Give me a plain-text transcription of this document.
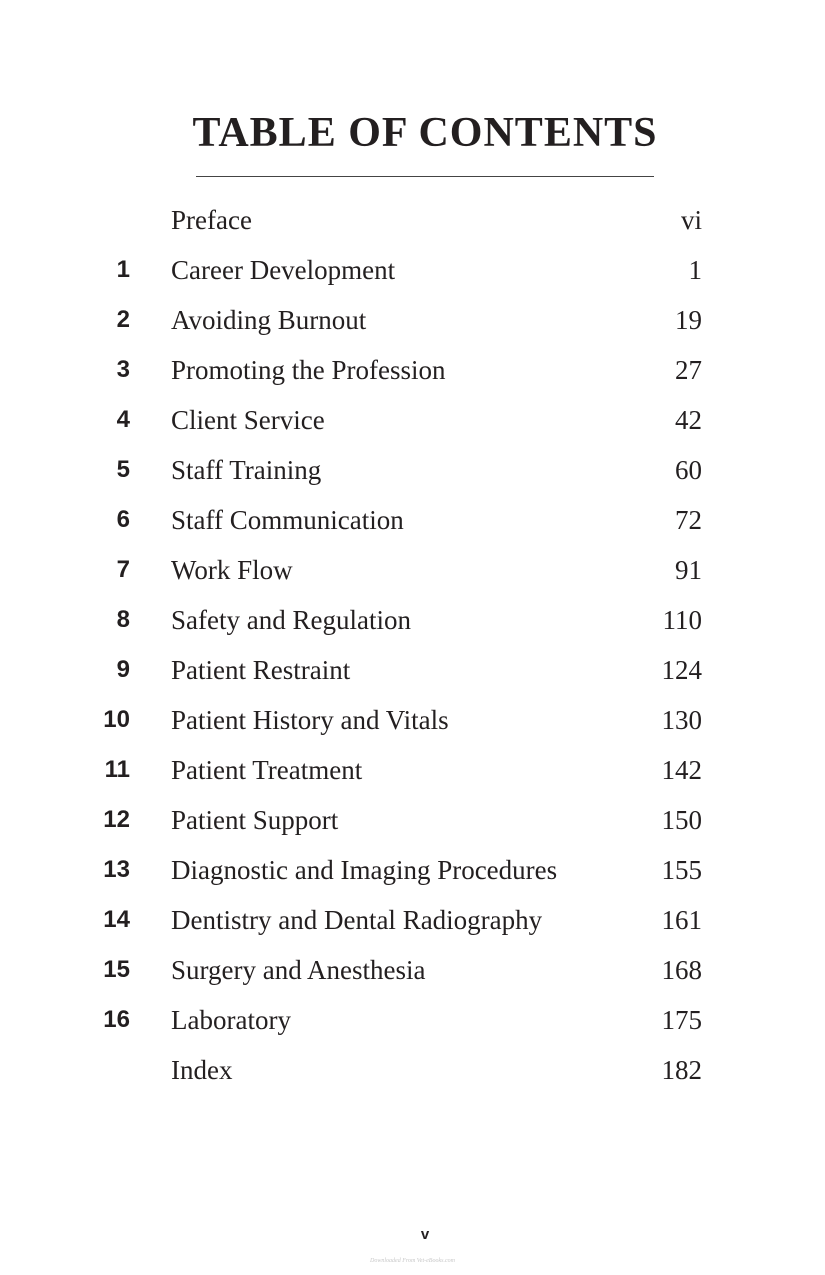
TABLE OF CONTENTS
Preface	vi
1 Career Development	1
2 Avoiding Burnout	19
3 Promoting the Profession	27
4 Client Service	42
5 Staff Training	60
6 Staff Communication	72
7 Work Flow	91
8 Safety and Regulation	110
9 Patient Restraint	124
10 Patient History and Vitals	130
11 Patient Treatment	142
12 Patient Support	150
13 Diagnostic and Imaging Procedures	155
14 Dentistry and Dental Radiography	161
15 Surgery and Anesthesia	168
16 Laboratory	175
Index	182
v
Downloaded From Vet-eBooks.com
